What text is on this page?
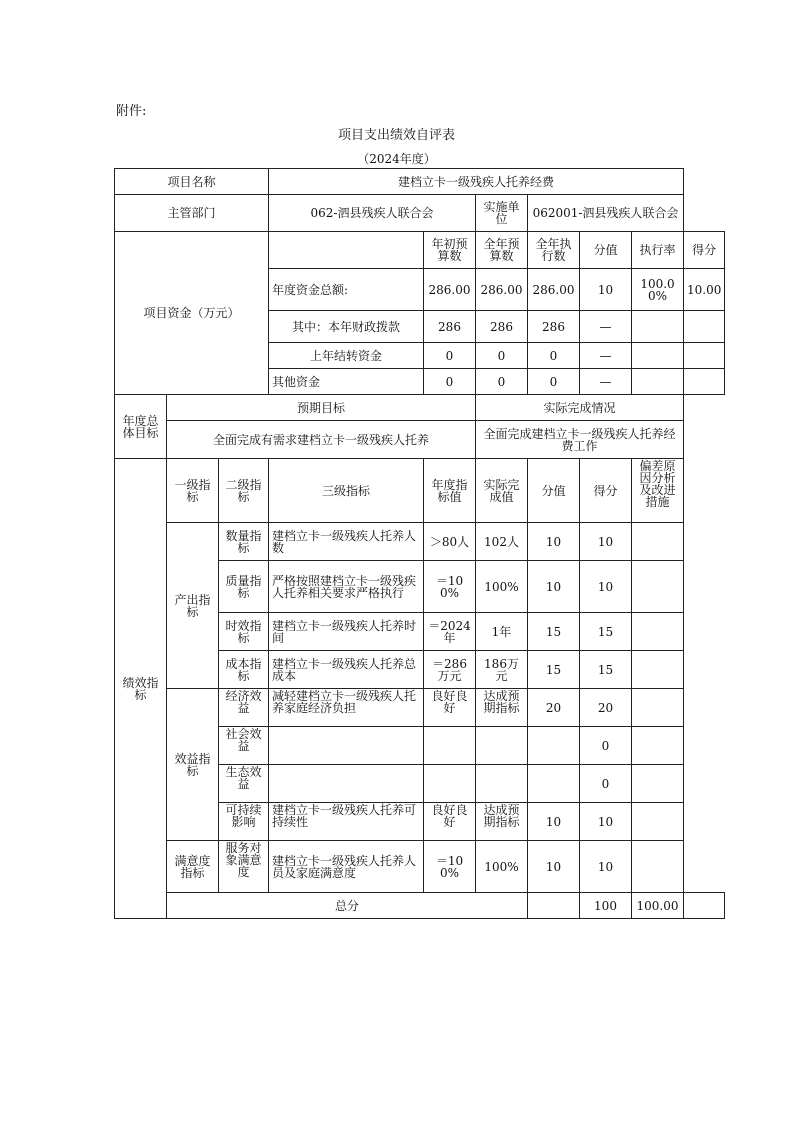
附件:
项目支出绩效自评表
（2024年度）
项目名称			建档立卡一级残疾人托养经费						
主管部门			062-泗县残疾人联合会		实施单位	062001-泗县残疾人联合会			
项目资金（万元）				年初预算数	全年预算数	全年执行数	分值	执行率	得分
			年度资金总额:	286.00	286.00	286.00	10	100.00%	10.00
			其中：本年财政拨款	286	286	286	—		
			上年结转资金	0	0	0	—		
			其他资金	0	0	0	—		
年度总体目标	预期目标				实际完成情况				
	全面完成有需求建档立卡一级残疾人托养				全面完成建档立卡一级残疾人托养经费工作				
绩效指标	一级指标	二级指标	三级指标	年度指标值	实际完成值	分值	得分	偏差原因分析及改进措施	
	产出指标	数量指标	建档立卡一级残疾人托养人数	＞80人	102人	10	10		
		质量指标	严格按照建档立卡一级残疾人托养相关要求严格执行	＝100%	100%	10	10		
		时效指标	建档立卡一级残疾人托养时间	＝2024年	1年	15	15		
		成本指标	建档立卡一级残疾人托养总成本	＝286万元	186万元	15	15		
	效益指标	经济效益	减轻建档立卡一级残疾人托养家庭经济负担	良好良好	达成预期指标	20	20		
		社会效益					0		
		生态效益					0		
		可持续影响	建档立卡一级残疾人托养可持续性	良好良好	达成预期指标	10	10		
	满意度指标	服务对象满意度	建档立卡一级残疾人托养人员及家庭满意度	＝100%	100%	10	10		
	总分						100	100.00	
